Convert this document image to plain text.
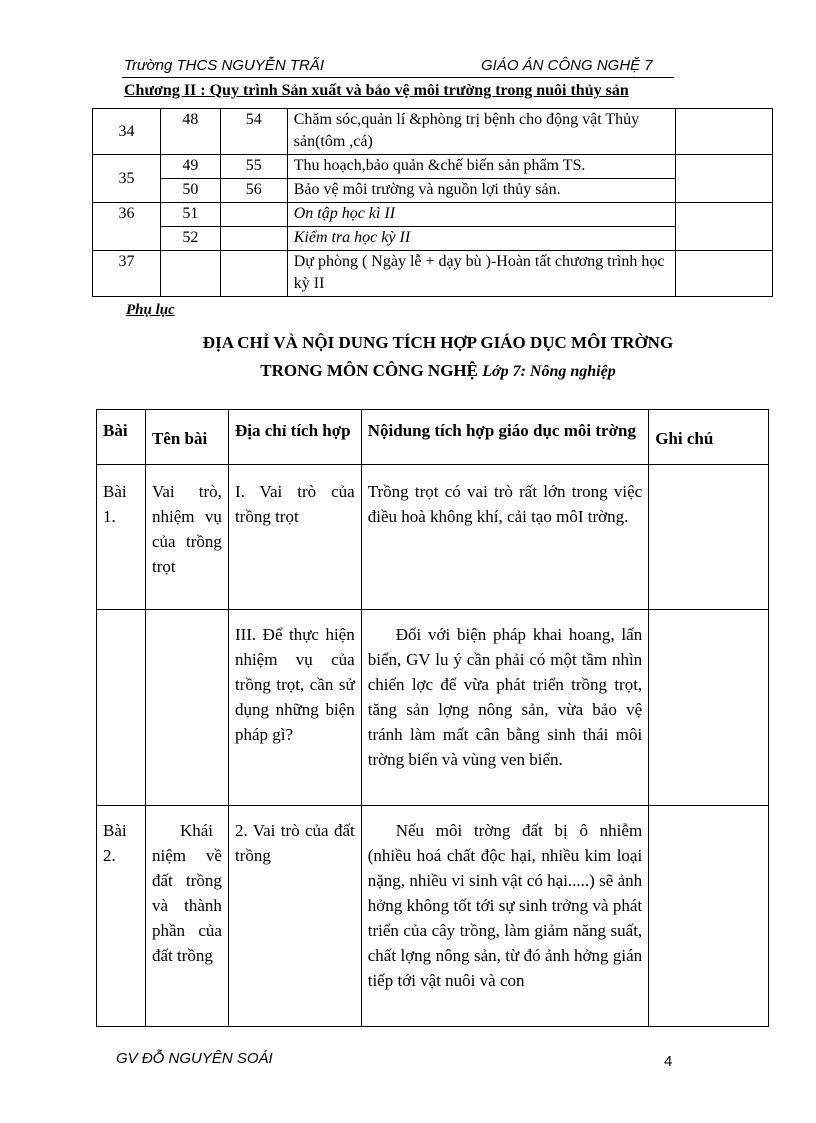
Trường THCS NGUYỄN TRÃI	GIÁO ÁN CÔNG NGHỆ 7
Chương II : Quy trình Sản xuất và bảo vệ môi trường trong nuôi thủy sản
34	48	54	Chăm sóc,quản lí &phòng trị bệnh cho động vật Thủy sản(tôm ,cá)	
35	49	55	Thu hoạch,bảo quản &chế biến sản phẩm TS.	
	50	56	Bảo vệ môi trường và nguồn lợi thủy sản.	
36	51		On tập học kì II	
	52		Kiểm tra học kỳ II	
37			Dự phòng ( Ngày lễ + dạy bù )-Hoàn tất chương trình học kỳ II	
Phụ lục
ĐỊA CHỈ VÀ NỘI DUNG TÍCH HỢP GIÁO DỤC MÔI TRỜNG
TRONG MÔN CÔNG NGHỆ Lớp 7: Nông nghiệp
Bài	Tên bài	Địa chỉ tích hợp	Nộidung tích hợp giáo dục môi trờng	Ghi chú
Bài 1.	Vai trò, nhiệm vụ của trồng trọt	I. Vai trò của trồng trọt	Trồng trọt có vai trò rất lớn trong việc điều hoà không khí, cải tạo môI trờng.	
		III. Để thực hiện nhiệm vụ của trồng trọt, cần sử dụng những biện pháp gì?	Đối với biện pháp khai hoang, lấn biển, GV lu ý cần phải có một tầm nhìn chiến lợc để vừa phát triển trồng trọt, tăng sản lợng nông sản, vừa bảo vệ tránh làm mất cân bằng sinh thái môi trờng biển và vùng ven biển.	
Bài 2.	Khái niệm về đất trồng và thành phần của đất trồng	2. Vai trò của đất trồng	Nếu môi trờng đất bị ô nhiễm (nhiều hoá chất độc hại, nhiều kim loại nặng, nhiều vi sinh vật có hại.....) sẽ ảnh hởng không tốt tới sự sinh trởng và phát triển của cây trồng, làm giảm năng suất, chất lợng nông sản, từ đó ảnh hởng gián tiếp tới vật nuôi và con	
GV ĐỖ NGUYÊN SOÁI	4
